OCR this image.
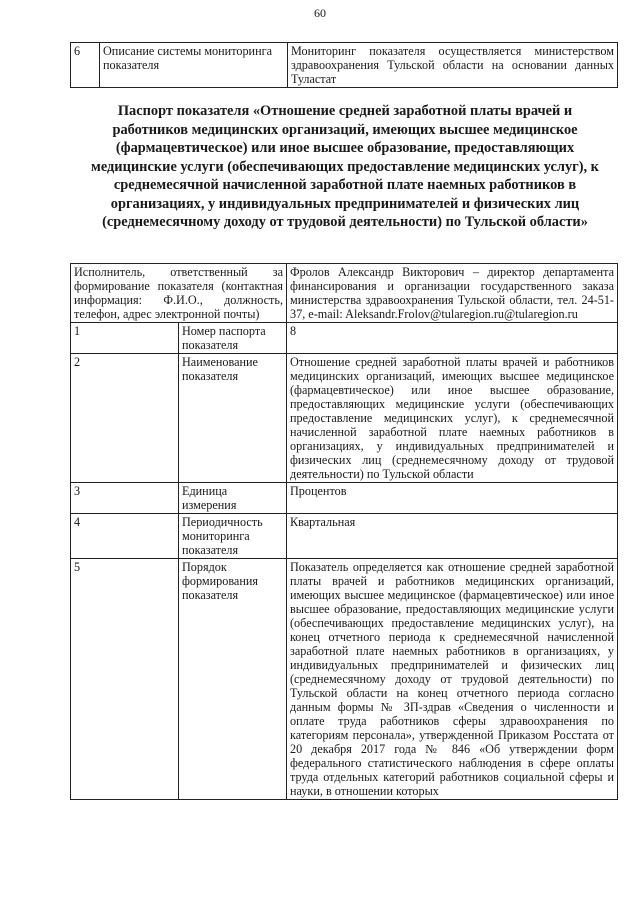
60
6	Описание системы мониторинга показателя	Мониторинг показателя осуществляется министерством здравоохранения Тульской области на основании данных Туластат
Паспорт показателя «Отношение средней заработной платы врачей и работников медицинских организаций, имеющих высшее медицинское (фармацевтическое) или иное высшее образование, предоставляющих медицинские услуги (обеспечивающих предоставление медицинских услуг), к среднемесячной начисленной заработной плате наемных работников в организациях, у индивидуальных предпринимателей и физических лиц (среднемесячному доходу от трудовой деятельности) по Тульской области»
Исполнитель, ответственный за формирование показателя (контактная информация: Ф.И.О., должность, телефон, адрес электронной почты)		Фролов Александр Викторович – директор департамента финансирования и организации государственного заказа министерства здравоохранения Тульской области, тел. 24-51-37, e-mail: Aleksandr.Frolov@tularegion.ru@tularegion.ru
1	Номер паспорта показателя	8
2	Наименование показателя	Отношение средней заработной платы врачей и работников медицинских организаций, имеющих высшее медицинское (фармацевтическое) или иное высшее образование, предоставляющих медицинские услуги (обеспечивающих предоставление медицинских услуг), к среднемесячной начисленной заработной плате наемных работников в организациях, у индивидуальных предпринимателей и физических лиц (среднемесячному доходу от трудовой деятельности) по Тульской области
3	Единица измерения	Процентов
4	Периодичность мониторинга показателя	Квартальная
5	Порядок формирования показателя	Показатель определяется как отношение средней заработной платы врачей и работников медицинских организаций, имеющих высшее медицинское (фармацевтическое) или иное высшее образование, предоставляющих медицинские услуги (обеспечивающих предоставление медицинских услуг), на конец отчетного периода к среднемесячной начисленной заработной плате наемных работников в организациях, у индивидуальных предпринимателей и физических лиц (среднемесячному доходу от трудовой деятельности) по Тульской области на конец отчетного периода согласно данным формы № ЗП-здрав «Сведения о численности и оплате труда работников сферы здравоохранения по категориям персонала», утвержденной Приказом Росстата от 20 декабря 2017 года № 846 «Об утверждении форм федерального статистического наблюдения в сфере оплаты труда отдельных категорий работников социальной сферы и науки, в отношении которых
